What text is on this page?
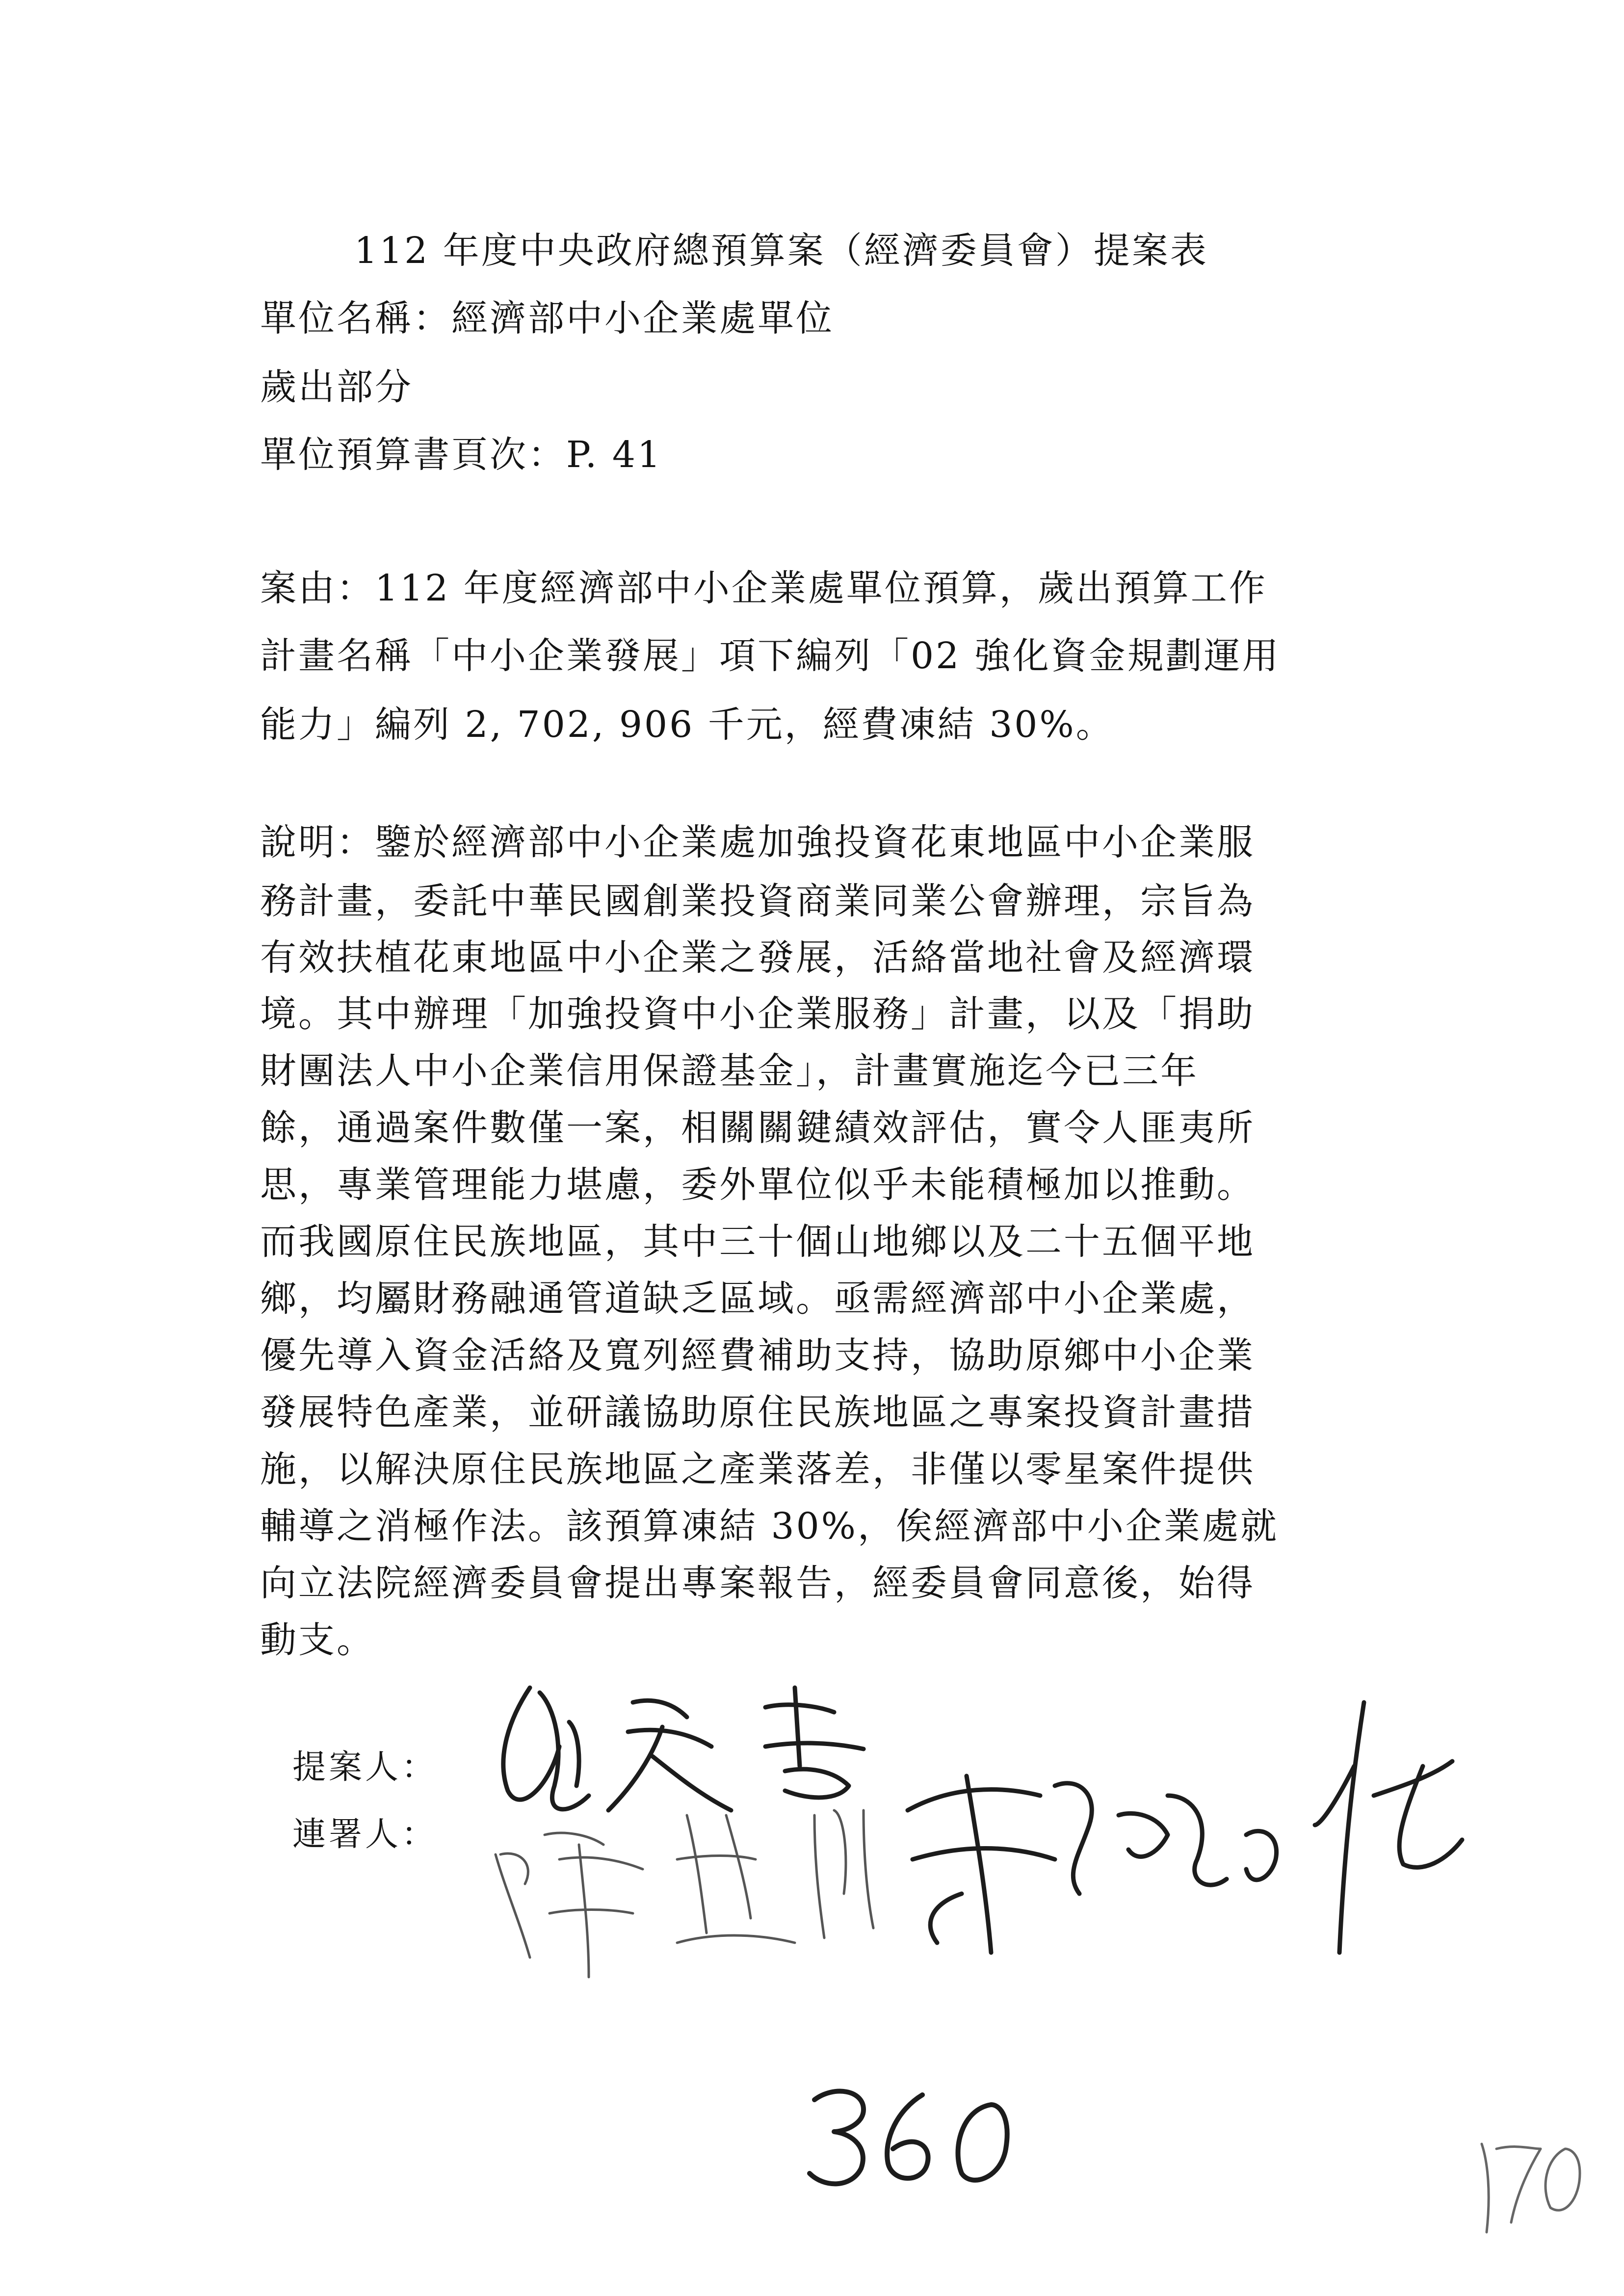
112 年度中央政府總預算案（經濟委員會）提案表
單位名稱：經濟部中小企業處單位
歲出部分
單位預算書頁次：P. 41
案由：112 年度經濟部中小企業處單位預算，歲出預算工作
計畫名稱「中小企業發展」項下編列「02 強化資金規劃運用
能力」編列 2, 702, 906 千元，經費凍結 30%。
說明：鑒於經濟部中小企業處加強投資花東地區中小企業服
務計畫，委託中華民國創業投資商業同業公會辦理，宗旨為
有效扶植花東地區中小企業之發展，活絡當地社會及經濟環
境。其中辦理「加強投資中小企業服務」計畫，以及「捐助
財團法人中小企業信用保證基金」，計畫實施迄今已三年
餘，通過案件數僅一案，相關關鍵績效評估，實令人匪夷所
思，專業管理能力堪慮，委外單位似乎未能積極加以推動。
而我國原住民族地區，其中三十個山地鄉以及二十五個平地
鄉，均屬財務融通管道缺乏區域。亟需經濟部中小企業處，
優先導入資金活絡及寬列經費補助支持，協助原鄉中小企業
發展特色產業，並研議協助原住民族地區之專案投資計畫措
施，以解決原住民族地區之產業落差，非僅以零星案件提供
輔導之消極作法。該預算凍結 30%，俟經濟部中小企業處就
向立法院經濟委員會提出專案報告，經委員會同意後，始得
動支。
提案人：
連署人：
